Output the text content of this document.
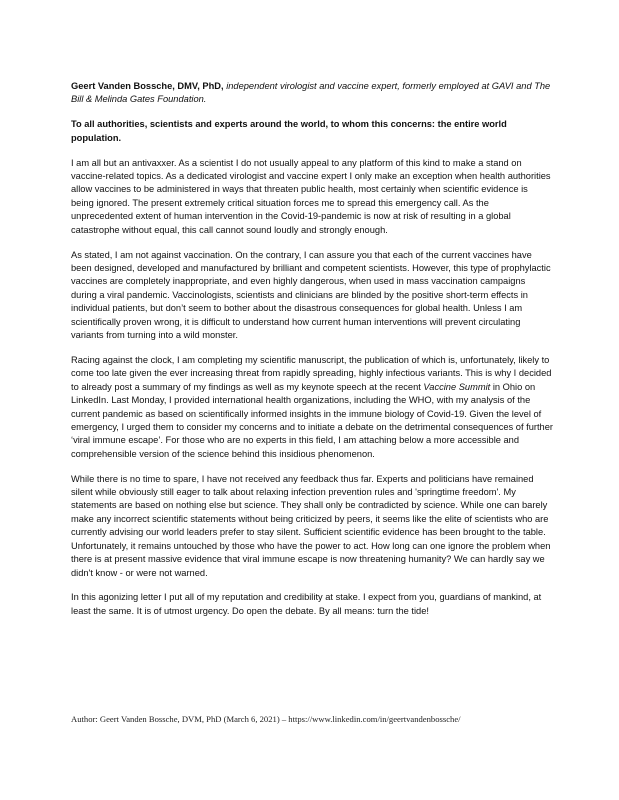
Geert Vanden Bossche, DMV, PhD, independent virologist and vaccine expert, formerly employed at GAVI and The Bill & Melinda Gates Foundation.

To all authorities, scientists and experts around the world, to whom this concerns: the entire world population.

I am all but an antivaxxer. As a scientist I do not usually appeal to any platform of this kind to make a stand on vaccine-related topics. As a dedicated virologist and vaccine expert I only make an exception when health authorities allow vaccines to be administered in ways that threaten public health, most certainly when scientific evidence is being ignored. The present extremely critical situation forces me to spread this emergency call. As the unprecedented extent of human intervention in the Covid-19-pandemic is now at risk of resulting in a global catastrophe without equal, this call cannot sound loudly and strongly enough.

As stated, I am not against vaccination. On the contrary, I can assure you that each of the current vaccines have been designed, developed and manufactured by brilliant and competent scientists. However, this type of prophylactic vaccines are completely inappropriate, and even highly dangerous, when used in mass vaccination campaigns during a viral pandemic. Vaccinologists, scientists and clinicians are blinded by the positive short-term effects in individual patients, but don’t seem to bother about the disastrous consequences for global health. Unless I am scientifically proven wrong, it is difficult to understand how current human interventions will prevent circulating variants from turning into a wild monster.

Racing against the clock, I am completing my scientific manuscript, the publication of which is, unfortunately, likely to come too late given the ever increasing threat from rapidly spreading, highly infectious variants. This is why I decided to already post a summary of my findings as well as my keynote speech at the recent Vaccine Summit in Ohio on LinkedIn. Last Monday, I provided international health organizations, including the WHO, with my analysis of the current pandemic as based on scientifically informed insights in the immune biology of Covid-19. Given the level of emergency, I urged them to consider my concerns and to initiate a debate on the detrimental consequences of further ‘viral immune escape’. For those who are no experts in this field, I am attaching below a more accessible and comprehensible version of the science behind this insidious phenomenon.

While there is no time to spare, I have not received any feedback thus far. Experts and politicians have remained silent while obviously still eager to talk about relaxing infection prevention rules and 'springtime freedom'. My statements are based on nothing else but science. They shall only be contradicted by science. While one can barely make any incorrect scientific statements without being criticized by peers, it seems like the elite of scientists who are currently advising our world leaders prefer to stay silent. Sufficient scientific evidence has been brought to the table. Unfortunately, it remains untouched by those who have the power to act. How long can one ignore the problem when there is at present massive evidence that viral immune escape is now threatening humanity? We can hardly say we didn't know - or were not warned.

In this agonizing letter I put all of my reputation and credibility at stake. I expect from you, guardians of mankind, at least the same. It is of utmost urgency. Do open the debate. By all means: turn the tide!

Author: Geert Vanden Bossche, DVM, PhD (March 6, 2021) – https://www.linkedin.com/in/geertvandenbossche/
